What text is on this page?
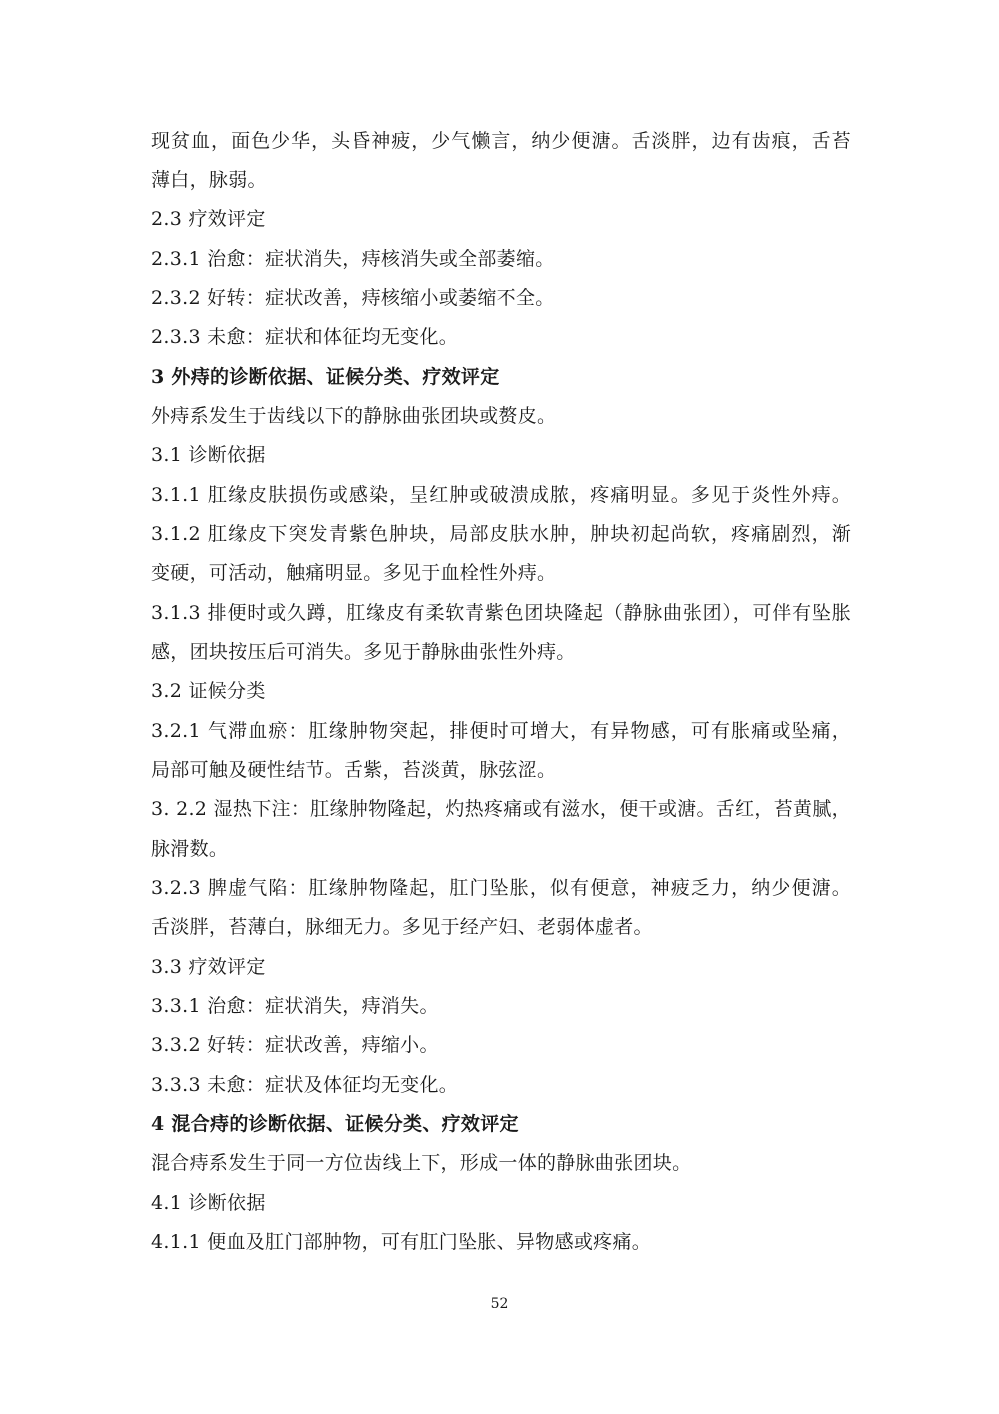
现贫血，面色少华，头昏神疲，少气懒言，纳少便溏。舌淡胖，边有齿痕，舌苔
薄白，脉弱。
2.3 疗效评定
2.3.1 治愈：症状消失，痔核消失或全部萎缩。
2.3.2 好转：症状改善，痔核缩小或萎缩不全。
2.3.3 未愈：症状和体征均无变化。
3 外痔的诊断依据、证候分类、疗效评定
外痔系发生于齿线以下的静脉曲张团块或赘皮。
3.1 诊断依据
3.1.1 肛缘皮肤损伤或感染，呈红肿或破溃成脓，疼痛明显。多见于炎性外痔。
3.1.2 肛缘皮下突发青紫色肿块，局部皮肤水肿，肿块初起尚软，疼痛剧烈，渐
变硬，可活动，触痛明显。多见于血栓性外痔。
3.1.3 排便时或久蹲，肛缘皮有柔软青紫色团块隆起（静脉曲张团），可伴有坠胀
感，团块按压后可消失。多见于静脉曲张性外痔。
3.2 证候分类
3.2.1 气滞血瘀：肛缘肿物突起，排便时可增大，有异物感，可有胀痛或坠痛，
局部可触及硬性结节。舌紫，苔淡黄，脉弦涩。
3. 2.2 湿热下注：肛缘肿物隆起，灼热疼痛或有滋水，便干或溏。舌红，苔黄腻，
脉滑数。
3.2.3 脾虚气陷：肛缘肿物隆起，肛门坠胀，似有便意，神疲乏力，纳少便溏。
舌淡胖，苔薄白，脉细无力。多见于经产妇、老弱体虚者。
3.3 疗效评定
3.3.1 治愈：症状消失，痔消失。
3.3.2 好转：症状改善，痔缩小。
3.3.3 未愈：症状及体征均无变化。
4 混合痔的诊断依据、证候分类、疗效评定
混合痔系发生于同一方位齿线上下，形成一体的静脉曲张团块。
4.1 诊断依据
4.1.1 便血及肛门部肿物，可有肛门坠胀、异物感或疼痛。
52
